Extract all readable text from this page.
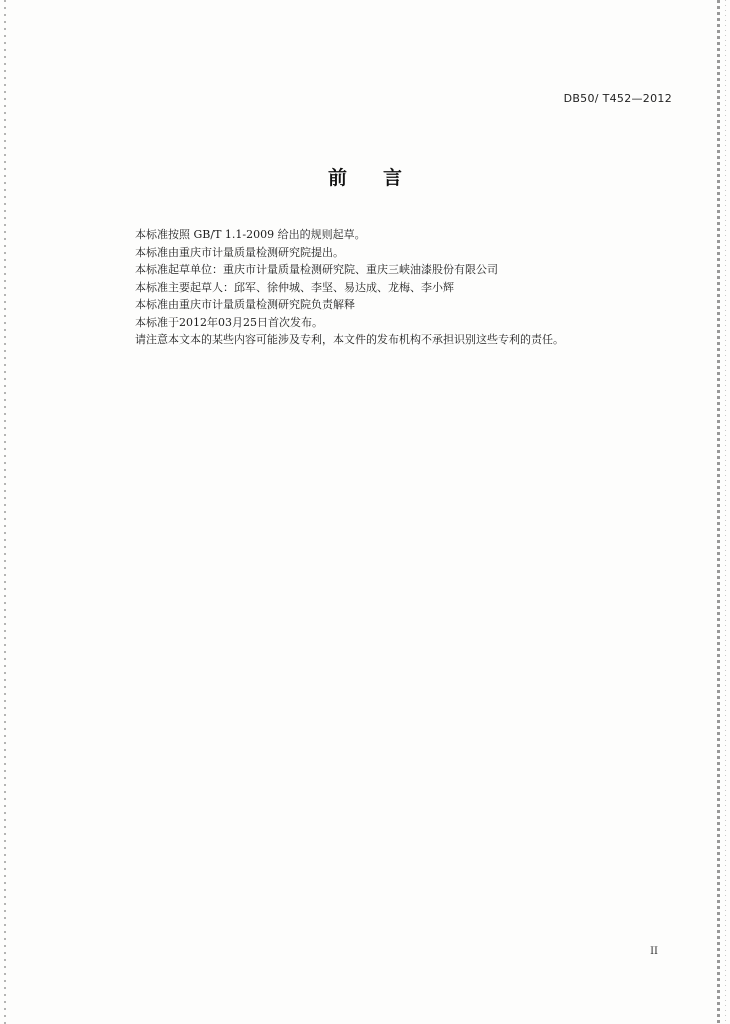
DB50/ T452—2012
前言
本标准按照 GB/T 1.1-2009 给出的规则起草。
本标准由重庆市计量质量检测研究院提出。
本标准起草单位：重庆市计量质量检测研究院、重庆三峡油漆股份有限公司
本标准主要起草人：邱军、徐仲城、李坚、易达成、龙梅、李小辉
本标准由重庆市计量质量检测研究院负责解释
本标准于2012年03月25日首次发布。
请注意本文本的某些内容可能涉及专利，本文件的发布机构不承担识别这些专利的责任。
II
